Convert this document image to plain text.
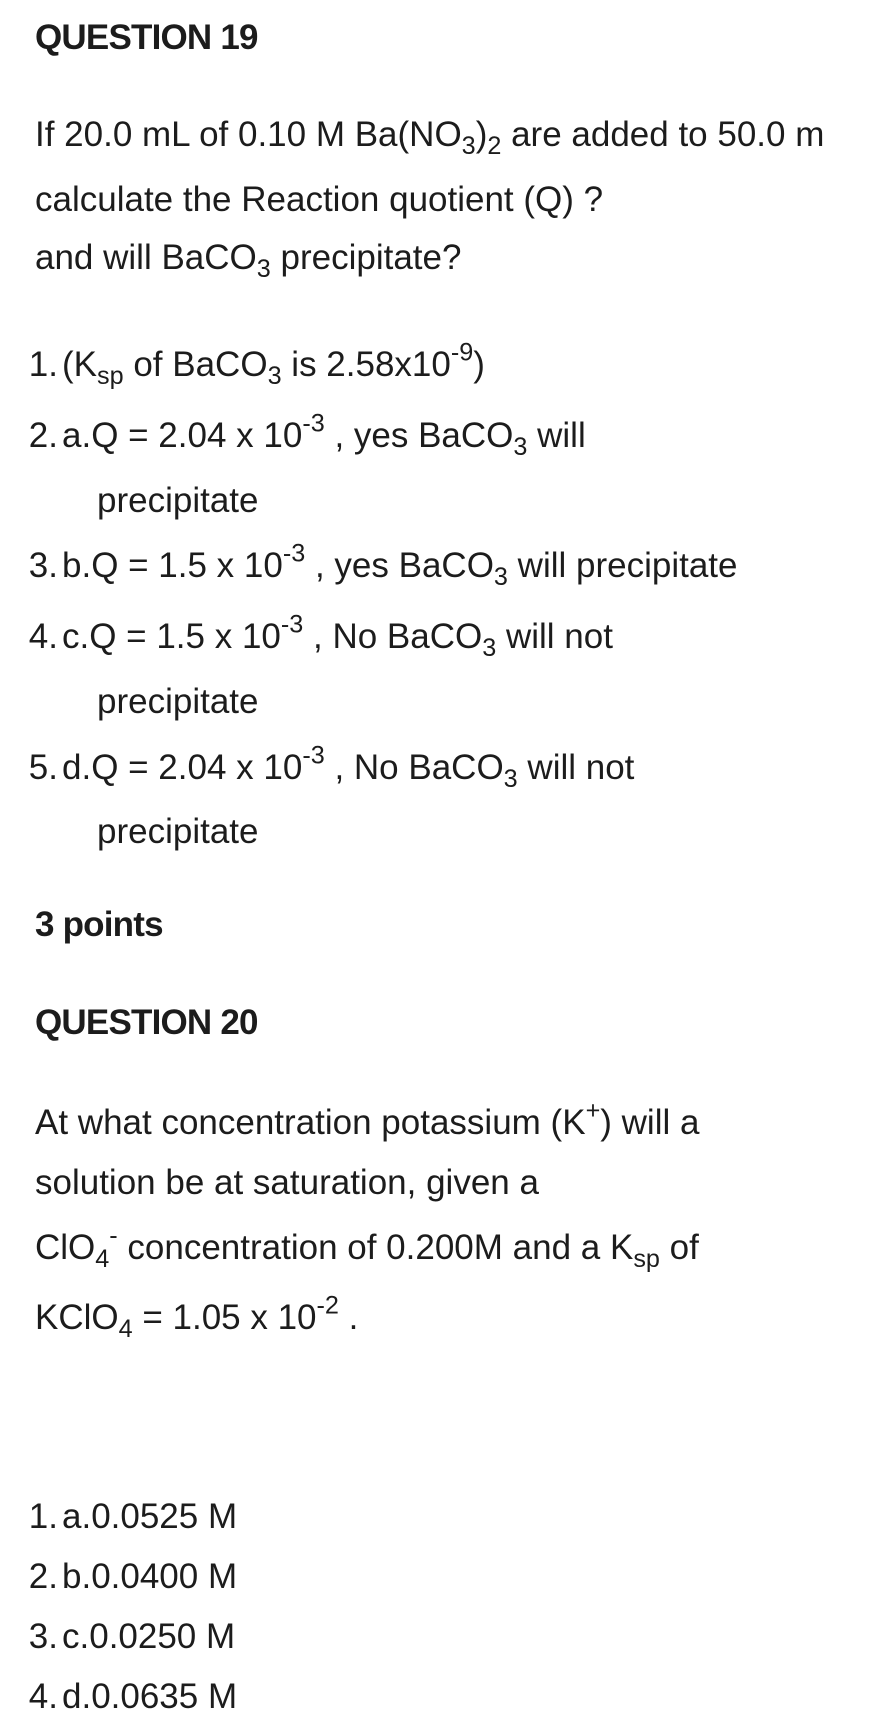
QUESTION 19
If 20.0 mL of 0.10 M $Ba(NO_3)_2$ are added to 50.0 m
calculate the Reaction quotient (Q) ?
and will BaCO$_3$ precipitate?
1. ($K_{sp}$ of BaCO$_3$ is $2.58x10^{-9}$)
2. a.Q = 2.04 x $10^{-3}$ , yes BaCO$_3$ will
precipitate
3. b.Q = 1.5 x $10^{-3}$ , yes BaCO$_3$ will precipitate
4. c.Q = 1.5 x $10^{-3}$ , No BaCO$_3$ will not
precipitate
5. d.Q = 2.04 x $10^{-3}$ , No BaCO$_3$ will not
precipitate
3 points
QUESTION 20
At what concentration potassium (K+) will a
solution be at saturation, given a
ClO$_4$- concentration of 0.200M and a $K_{sp}$ of
KClO$_4$ = 1.05 x $10^{-2}$ .
1. a.0.0525 M
2. b.0.0400 M
3. c.0.0250 M
4. d.0.0635 M
